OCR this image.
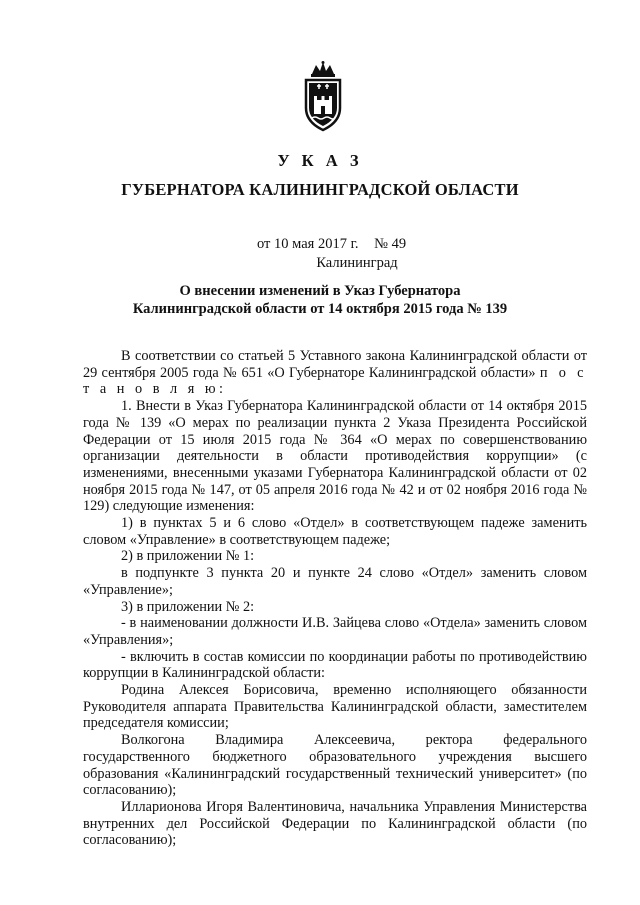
У К А З
ГУБЕРНАТОРА КАЛИНИНГРАДСКОЙ ОБЛАСТИ
от 10 мая 2017 г. № 49
Калининград
О внесении изменений в Указ Губернатора
Калининградской области от 14 октября 2015 года № 139

В соответствии со статьей 5 Уставного закона Калининградской области от 29 сентября 2005 года № 651 «О Губернаторе Калининградской области» п о с т а н о в л я ю:

1. Внести в Указ Губернатора Калининградской области от 14 октября 2015 года № 139 «О мерах по реализации пункта 2 Указа Президента Российской Федерации от 15 июля 2015 года № 364 «О мерах по совершенствованию организации деятельности в области противодействия коррупции» (с изменениями, внесенными указами Губернатора Калининградской области от 02 ноября 2015 года № 147, от 05 апреля 2016 года № 42 и от 02 ноября 2016 года № 129) следующие изменения:

1) в пунктах 5 и 6 слово «Отдел» в соответствующем падеже заменить словом «Управление» в соответствующем падеже;

2) в приложении № 1:

в подпункте 3 пункта 20 и пункте 24 слово «Отдел» заменить словом «Управление»;

3) в приложении № 2:

- в наименовании должности И.В. Зайцева слово «Отдела» заменить словом «Управления»;

- включить в состав комиссии по координации работы по противодействию коррупции в Калининградской области:

Родина Алексея Борисовича, временно исполняющего обязанности Руководителя аппарата Правительства Калининградской области, заместителем председателя комиссии;

Волкогона Владимира Алексеевича, ректора федерального государственного бюджетного образовательного учреждения высшего образования «Калининградский государственный технический университет» (по согласованию);

Илларионова Игоря Валентиновича, начальника Управления Министерства внутренних дел Российской Федерации по Калининградской области (по согласованию);
